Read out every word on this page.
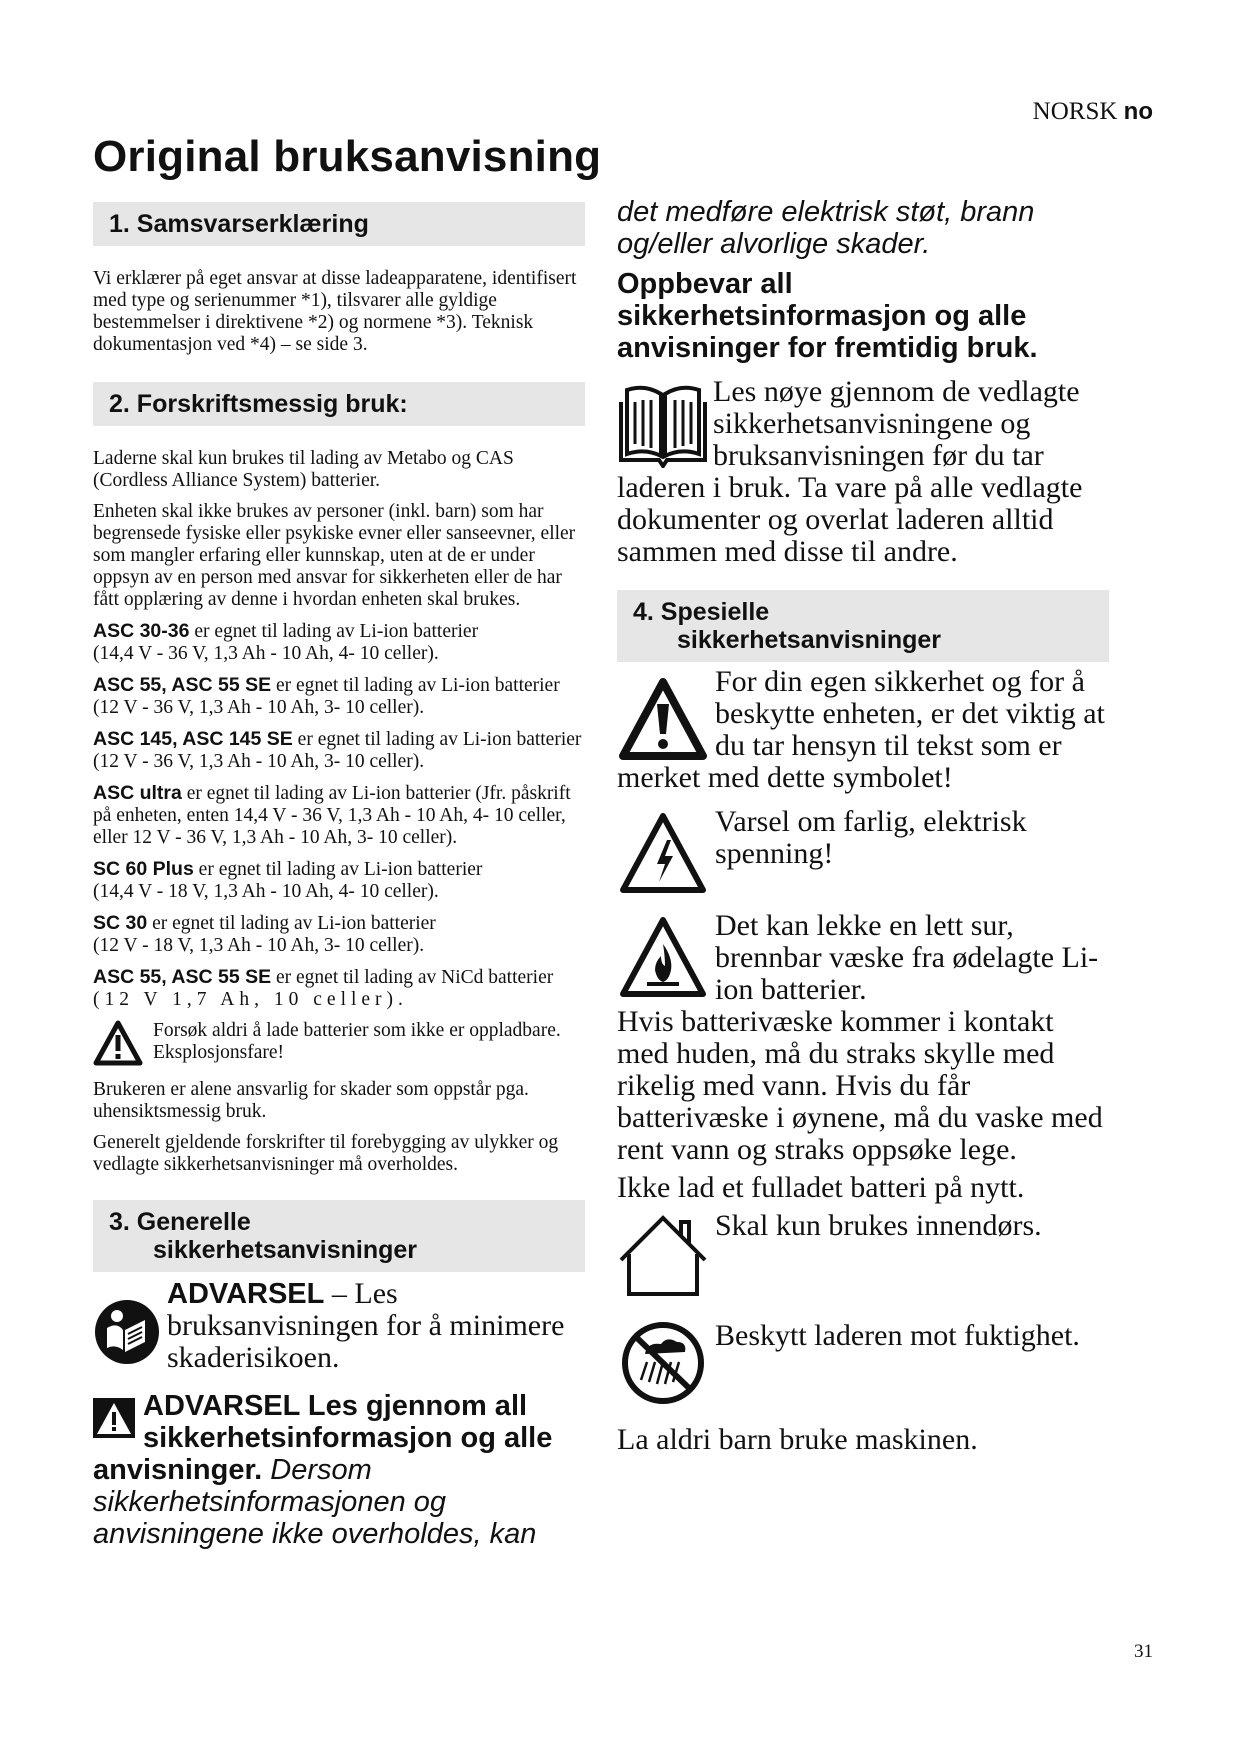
NORSK no
Original bruksanvisning
1. Samsvarserklæring

Vi erklærer på eget ansvar at disse ladeapparatene, identifisert med type og serienummer *1), tilsvarer alle gyldige bestemmelser i direktivene *2) og normene *3). Teknisk dokumentasjon ved *4) – se side 3.

2. Forskriftsmessig bruk:

Laderne skal kun brukes til lading av Metabo og CAS (Cordless Alliance System) batterier.

Enheten skal ikke brukes av personer (inkl. barn) som har begrensede fysiske eller psykiske evner eller sanseevner, eller som mangler erfaring eller kunnskap, uten at de er under oppsyn av en person med ansvar for sikkerheten eller de har fått opplæring av denne i hvordan enheten skal brukes.

ASC 30-36 er egnet til lading av Li-ion batterier
(14,4 V - 36 V, 1,3 Ah - 10 Ah, 4- 10 celler).

ASC 55, ASC 55 SE er egnet til lading av Li-ion batterier
(12 V - 36 V, 1,3 Ah - 10 Ah, 3- 10 celler).

ASC 145, ASC 145 SE er egnet til lading av Li-ion batterier (12 V - 36 V, 1,3 Ah - 10 Ah, 3- 10 celler).

ASC ultra er egnet til lading av Li-ion batterier (Jfr. påskrift på enheten, enten 14,4 V - 36 V, 1,3 Ah - 10 Ah, 4- 10 celler, eller 12 V - 36 V, 1,3 Ah - 10 Ah, 3- 10 celler).

SC 60 Plus er egnet til lading av Li-ion batterier
(14,4 V - 18 V, 1,3 Ah - 10 Ah, 4- 10 celler).

SC 30 er egnet til lading av Li-ion batterier
(12 V - 18 V, 1,3 Ah - 10 Ah, 3- 10 celler).

ASC 55, ASC 55 SE er egnet til lading av NiCd batterier
(12 V 1,7 Ah, 10 celler).

Forsøk aldri å lade batterier som ikke er oppladbare. Eksplosjonsfare!

Brukeren er alene ansvarlig for skader som oppstår pga. uhensiktsmessig bruk.

Generelt gjeldende forskrifter til forebygging av ulykker og vedlagte sikkerhetsanvisninger må overholdes.

3. Generelle
sikkerhetsanvisninger
ADVARSEL – Les bruksanvisningen for å minimere skaderisikoen.
ADVARSEL Les gjennom all sikkerhetsinformasjon og alle anvisninger. Dersom sikkerhetsinformasjonen og anvisningene ikke overholdes, kan
det medføre elektrisk støt, brann og/eller alvorlige skader.
Oppbevar all sikkerhetsinformasjon og alle anvisninger for fremtidig bruk.
Les nøye gjennom de vedlagte sikkerhetsanvisningene og bruksanvisningen før du tar laderen i bruk. Ta vare på alle vedlagte dokumenter og overlat laderen alltid sammen med disse til andre.
4. Spesielle
sikkerhetsanvisninger
For din egen sikkerhet og for å beskytte enheten, er det viktig at du tar hensyn til tekst som er merket med dette symbolet!
Varsel om farlig, elektrisk spenning!
Det kan lekke en lett sur, brennbar væske fra ødelagte Li-ion batterier.
Hvis batterivæske kommer i kontakt med huden, må du straks skylle med rikelig med vann. Hvis du får batterivæske i øynene, må du vaske med rent vann og straks oppsøke lege.
Ikke lad et fulladet batteri på nytt.
Skal kun brukes innendørs.
Beskytt laderen mot fuktighet.
La aldri barn bruke maskinen.
31
